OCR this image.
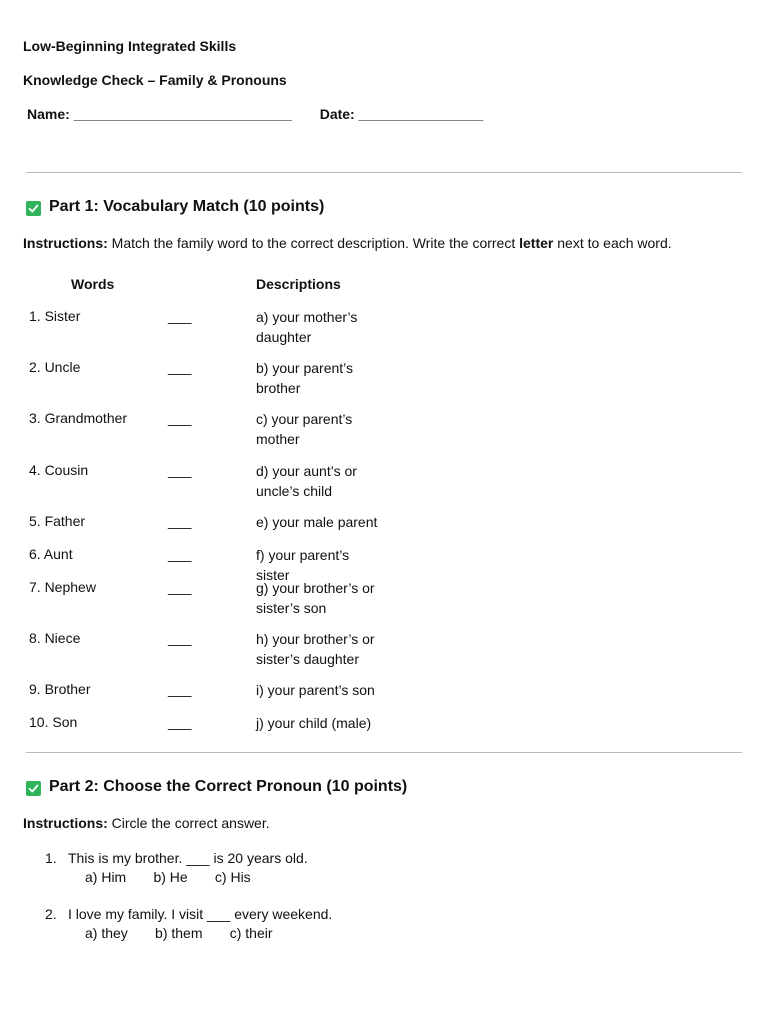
Low-Beginning Integrated Skills
Knowledge Check – Family & Pronouns
Name: ____________________________ Date: ________________
Part 1: Vocabulary Match (10 points)
Instructions: Match the family word to the correct description. Write the correct letter next to each word.
Words	Descriptions
1. Sister	___	a) your mother’s daughter
2. Uncle	___	b) your parent’s brother
3. Grandmother	___	c) your parent’s mother
4. Cousin	___	d) your aunt’s or uncle’s child
5. Father	___	e) your male parent
6. Aunt	___	f) your parent’s sister
7. Nephew	___	g) your brother’s or sister’s son
8. Niece	___	h) your brother’s or sister’s daughter
9. Brother	___	i) your parent’s son
10. Son	___	j) your child (male)
Part 2: Choose the Correct Pronoun (10 points)
Instructions: Circle the correct answer.
1. This is my brother. ___ is 20 years old.
a) Him       b) He       c) His
2. I love my family. I visit ___ every weekend.
a) they       b) them       c) their
